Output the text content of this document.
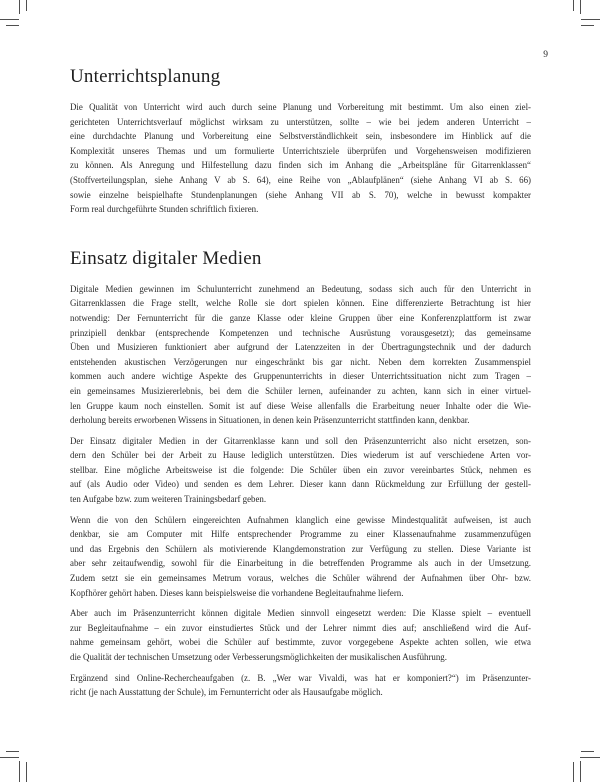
9
Unterrichtsplanung
Die Qualität von Unterricht wird auch durch seine Planung und Vorbereitung mit bestimmt. Um also einen ziel-
gerichteten Unterrichtsverlauf möglichst wirksam zu unterstützen, sollte – wie bei jedem anderen Unterricht –
eine durchdachte Planung und Vorbereitung eine Selbstverständlichkeit sein, insbesondere im Hinblick auf die
Komplexität unseres Themas und um formulierte Unterrichtsziele überprüfen und Vorgehensweisen modifizieren
zu können. Als Anregung und Hilfestellung dazu finden sich im Anhang die „Arbeitspläne für Gitarrenklassen“
(Stoffverteilungsplan, siehe Anhang V ab S. 64), eine Reihe von „Ablaufplänen“ (siehe Anhang VI ab S. 66)
sowie einzelne beispielhafte Stundenplanungen (siehe Anhang VII ab S. 70), welche in bewusst kompakter
Form real durchgeführte Stunden schriftlich fixieren.
Einsatz digitaler Medien
Digitale Medien gewinnen im Schulunterricht zunehmend an Bedeutung, sodass sich auch für den Unterricht in
Gitarrenklassen die Frage stellt, welche Rolle sie dort spielen können. Eine differenzierte Betrachtung ist hier
notwendig: Der Fernunterricht für die ganze Klasse oder kleine Gruppen über eine Konferenzplattform ist zwar
prinzipiell denkbar (entsprechende Kompetenzen und technische Ausrüstung vorausgesetzt); das gemeinsame
Üben und Musizieren funktioniert aber aufgrund der Latenzzeiten in der Übertragungstechnik und der dadurch
entstehenden akustischen Verzögerungen nur eingeschränkt bis gar nicht. Neben dem korrekten Zusammenspiel
kommen auch andere wichtige Aspekte des Gruppenunterrichts in dieser Unterrichtssituation nicht zum Tragen –
ein gemeinsames Musiziererlebnis, bei dem die Schüler lernen, aufeinander zu achten, kann sich in einer virtuel-
len Gruppe kaum noch einstellen. Somit ist auf diese Weise allenfalls die Erarbeitung neuer Inhalte oder die Wie-
derholung bereits erworbenen Wissens in Situationen, in denen kein Präsenzunterricht stattfinden kann, denkbar.
Der Einsatz digitaler Medien in der Gitarrenklasse kann und soll den Präsenzunterricht also nicht ersetzen, son-
dern den Schüler bei der Arbeit zu Hause lediglich unterstützen. Dies wiederum ist auf verschiedene Arten vor-
stellbar. Eine mögliche Arbeitsweise ist die folgende: Die Schüler üben ein zuvor vereinbartes Stück, nehmen es
auf (als Audio oder Video) und senden es dem Lehrer. Dieser kann dann Rückmeldung zur Erfüllung der gestell-
ten Aufgabe bzw. zum weiteren Trainingsbedarf geben.
Wenn die von den Schülern eingereichten Aufnahmen klanglich eine gewisse Mindestqualität aufweisen, ist auch
denkbar, sie am Computer mit Hilfe entsprechender Programme zu einer Klassenaufnahme zusammenzufügen
und das Ergebnis den Schülern als motivierende Klangdemonstration zur Verfügung zu stellen. Diese Variante ist
aber sehr zeitaufwendig, sowohl für die Einarbeitung in die betreffenden Programme als auch in der Umsetzung.
Zudem setzt sie ein gemeinsames Metrum voraus, welches die Schüler während der Aufnahmen über Ohr- bzw.
Kopfhörer gehört haben. Dieses kann beispielsweise die vorhandene Begleitaufnahme liefern.
Aber auch im Präsenzunterricht können digitale Medien sinnvoll eingesetzt werden: Die Klasse spielt – eventuell
zur Begleitaufnahme – ein zuvor einstudiertes Stück und der Lehrer nimmt dies auf; anschließend wird die Auf-
nahme gemeinsam gehört, wobei die Schüler auf bestimmte, zuvor vorgegebene Aspekte achten sollen, wie etwa
die Qualität der technischen Umsetzung oder Verbesserungsmöglichkeiten der musikalischen Ausführung.
Ergänzend sind Online-Rechercheaufgaben (z. B. „Wer war Vivaldi, was hat er komponiert?“) im Präsenzunter-
richt (je nach Ausstattung der Schule), im Fernunterricht oder als Hausaufgabe möglich.
